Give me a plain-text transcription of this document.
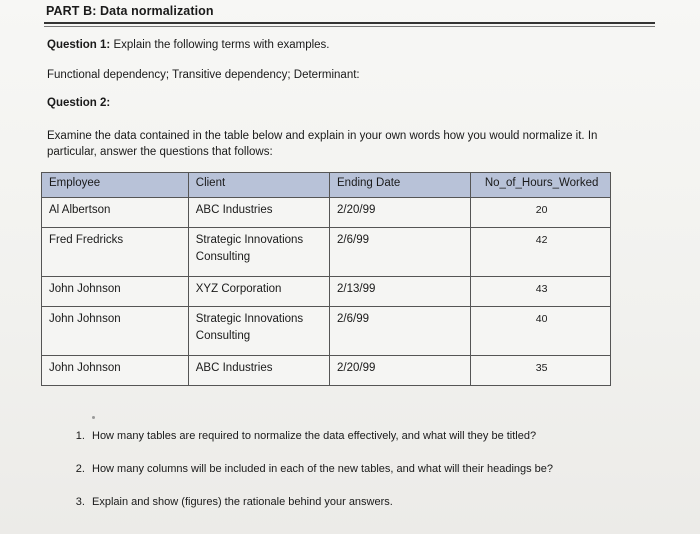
PART B: Data normalization
Question 1: Explain the following terms with examples.
Functional dependency; Transitive dependency; Determinant:
Question 2:
Examine the data contained in the table below and explain in your own words how you would normalize it. In particular, answer the questions that follows:
Employee	Client	Ending Date	No_of_Hours_Worked
Al Albertson	ABC Industries	2/20/99	20
Fred Fredricks	Strategic Innovations Consulting	2/6/99	42
John Johnson	XYZ Corporation	2/13/99	43
John Johnson	Strategic Innovations Consulting	2/6/99	40
John Johnson	ABC Industries	2/20/99	35
1. How many tables are required to normalize the data effectively, and what will they be titled?
2. How many columns will be included in each of the new tables, and what will their headings be?
3. Explain and show (figures) the rationale behind your answers.
